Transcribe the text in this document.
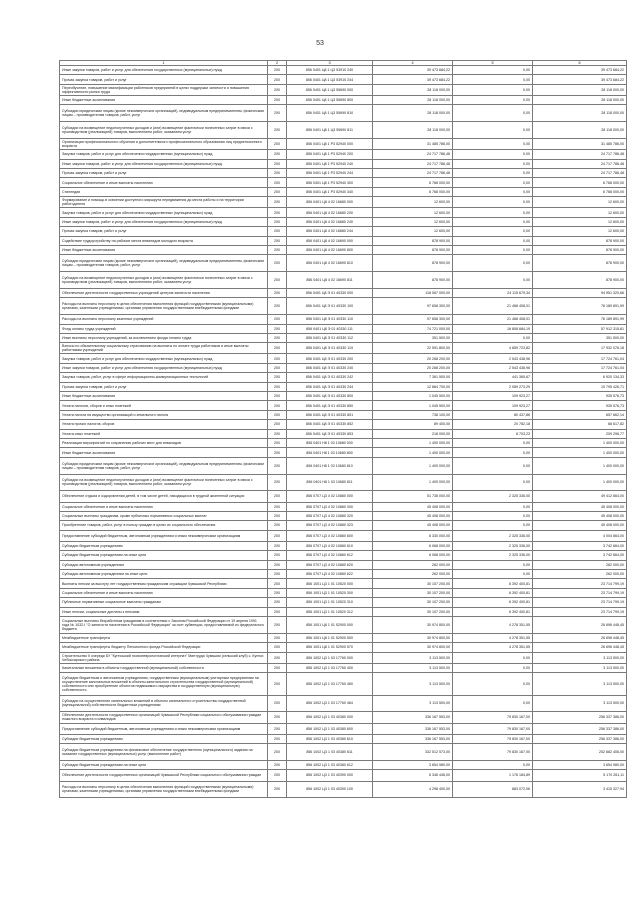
53
1	2	3	4	5	6
Иные закупки товаров, работ и услуг для обеспечения государственных (муниципальных) нужд	200	856 0401 Ц8 1 Ц3 53910 240	39 473 684,22	0,00	39 473 684,22
Прочая закупка товаров, работ и услуг	200	856 0401 Ц8 1 Ц3 53910 244	39 473 684,22	0,00	39 473 684,22
Переобучение, повышение квалификации работников предприятий в целях поддержки занятости и повышения эффективности рынка труда	200	856 0401 Ц8 1 Ц3 55690 000	28 118 000,00	0,00	28 118 000,00
Иные бюджетные ассигнования	200	856 0401 Ц8 1 Ц3 55690 800	28 118 000,00	0,00	28 118 000,00
Субсидии юридическим лицам (кроме некоммерческих организаций), индивидуальным предпринимателям, физическим лицам – производителям товаров, работ, услуг	200	856 0401 Ц8 1 Ц3 55690 810	28 118 000,00	0,00	28 118 000,00
Субсидии на возмещение недополученных доходов и (или) возмещение фактически понесенных затрат в связи с производством (реализацией) товаров, выполнением работ, оказанием услуг	200	856 0401 Ц8 1 Ц3 55690 811	28 118 000,00	0,00	28 118 000,00
Организация профессионального обучения и дополнительного профессионального образования лиц предпенсионного возраста	200	856 0401 Ц8 1 P3 52940 000	31 485 786,00	0,00	31 485 786,00
Закупка товаров, работ и услуг для обеспечения государственных (муниципальных) нужд	200	856 0401 Ц8 1 P3 52940 200	24 717 786,48	0,00	24 717 786,48
Иные закупки товаров, работ и услуг для обеспечения государственных (муниципальных) нужд	200	856 0401 Ц8 1 P3 52940 240	24 717 786,48	0,00	24 717 786,48
Прочая закупка товаров, работ и услуг	200	856 0401 Ц8 1 P3 52940 244	24 717 786,48	0,00	24 717 786,48
Социальное обеспечение и иные выплаты населению	200	856 0401 Ц8 1 P3 52940 300	6 768 000,00	0,00	6 768 000,00
Стипендии	200	856 0401 Ц8 1 P3 52940 340	6 768 000,00	0,00	6 768 000,00
Формирование и помощь в освоении доступного маршрута передвижения до места работы и на территории работодателя	200	856 0401 Ц8 4 02 16680 000	12 600,00	0,00	12 600,00
Закупка товаров, работ и услуг для обеспечения государственных (муниципальных) нужд	200	856 0401 Ц8 4 02 16680 200	12 600,00	0,00	12 600,00
Иные закупки товаров, работ и услуг для обеспечения государственных (муниципальных) нужд	200	856 0401 Ц8 4 02 16680 240	12 600,00	0,00	12 600,00
Прочая закупка товаров, работ и услуг	200	856 0401 Ц8 4 02 16680 244	12 600,00	0,00	12 600,00
Содействие трудоустройству на рабочие места инвалидов молодого возраста	200	856 0401 Ц8 4 02 16690 000	878 900,00	0,00	878 900,00
Иные бюджетные ассигнования	200	856 0401 Ц8 4 02 16690 800	878 900,00	0,00	878 900,00
Субсидии юридическим лицам (кроме некоммерческих организаций), индивидуальным предпринимателям, физическим лицам – производителям товаров, работ, услуг	200	856 0401 Ц8 4 02 16690 810	878 900,00	0,00	878 900,00
Субсидии на возмещение недополученных доходов и (или) возмещение фактически понесенных затрат в связи с производством (реализацией) товаров, выполнением работ, оказанием услуг	200	856 0401 Ц8 4 02 16690 811	878 900,00	0,00	878 900,00
Обеспечение деятельности государственных учреждений центров занятости населения	200	856 0401 Ц8 Э 01 40330 000	118 067 000,00	24 115 679,34	94 951 320,66
Расходы на выплаты персоналу в целях обеспечения выполнения функций государственными (муниципальными) органами, казенными учреждениями, органами управления государственными внебюджетными фондами	200	856 0401 Ц8 Э 01 40330 100	97 658 300,00	21 468 408,01	76 189 891,99
Расходы на выплаты персоналу казенных учреждений	200	856 0401 Ц8 Э 01 40330 110	97 658 300,00	21 468 408,01	76 189 891,99
Фонд оплаты труда учреждений	200	856 0401 Ц8 Э 01 40330 111	74 721 000,00	16 808 684,19	57 912 315,81
Иные выплаты персоналу учреждений, за исключением фонда оплаты труда	200	856 0401 Ц8 Э 01 40330 112	351 500,00	0,00	351 500,00
Взносы по обязательному социальному страхованию на выплаты по оплате труда работников и иные выплаты работникам учреждений	200	856 0401 Ц8 Э 01 40330 119	22 591 800,00	4 659 723,82	17 932 076,18
Закупка товаров, работ и услуг для обеспечения государственных (муниципальных) нужд	200	856 0401 Ц8 Э 01 40330 200	20 268 200,00	2 543 438,96	17 724 761,04
Иные закупки товаров, работ и услуг для обеспечения государственных (муниципальных) нужд	200	856 0401 Ц8 Э 01 40330 240	20 268 200,00	2 543 438,96	17 724 761,04
Закупка товаров, работ, услуг в сфере информационно-коммуникационных технологий	200	856 0401 Ц8 Э 01 40330 242	7 361 500,00	441 365,67	6 920 134,33
Прочая закупка товаров, работ и услуг	200	856 0401 Ц8 Э 01 40330 244	12 884 700,00	2 089 273,29	10 795 426,71
Иные бюджетные ассигнования	200	856 0401 Ц8 Э 01 40330 800	1 045 500,00	109 923,27	935 576,73
Уплата налогов, сборов и иных платежей	200	856 0401 Ц8 Э 01 40330 850	1 045 500,00	109 923,27	935 576,73
Уплата налога на имущество организаций и земельного налога	200	856 0401 Ц8 Э 01 40330 851	738 100,00	80 437,86	657 662,14
Уплата прочих налогов, сборов	200	856 0401 Ц8 Э 01 40330 852	89 400,00	20 782,18	68 617,82
Уплата иных платежей	200	856 0401 Ц8 Э 01 40330 853	218 000,00	8 703,23	209 296,77
Реализация мероприятий по сохранению рабочих мест для инвалидов	200	856 0401 Н8 1 03 10680 000	1 400 000,00	0,00	1 400 000,00
Иные бюджетные ассигнования	200	856 0401 Н8 1 03 10680 800	1 400 000,00	0,00	1 400 000,00
Субсидии юридическим лицам (кроме некоммерческих организаций), индивидуальным предпринимателям, физическим лицам – производителям товаров, работ, услуг	200	856 0401 Н8 1 03 10680 810	1 400 000,00	0,00	1 400 000,00
Субсидии на возмещение недополученных доходов и (или) возмещение фактически понесенных затрат в связи с производством (реализацией) товаров, выполнением работ, оказанием услуг	200	856 0401 Н8 1 03 10680 811	1 400 000,00	0,00	1 400 000,00
Обеспечение отдыха и оздоровления детей, в том числе детей, находящихся в трудной жизненной ситуации	200	856 0707 Ц3 4 02 10880 000	51 738 000,00	2 325 336,00	49 412 664,00
Социальное обеспечение и иные выплаты населению	200	856 0707 Ц3 4 02 10880 300	45 408 000,00	0,00	45 408 000,00
Социальные выплаты гражданам, кроме публичных нормативных социальных выплат	200	856 0707 Ц3 4 02 10880 320	45 408 000,00	0,00	45 408 000,00
Приобретение товаров, работ, услуг в пользу граждан в целях их социального обеспечения	200	856 0707 Ц3 4 02 10880 323	45 408 000,00	0,00	45 408 000,00
Предоставление субсидий бюджетным, автономным учреждениям и иным некоммерческим организациям	200	856 0707 Ц3 4 02 10880 600	6 330 000,00	2 325 336,00	4 004 664,00
Субсидии бюджетным учреждениям	200	856 0707 Ц3 4 02 10880 610	6 068 000,00	2 325 336,00	3 742 664,00
Субсидии бюджетным учреждениям на иные цели	200	856 0707 Ц3 4 02 10880 612	6 068 000,00	2 325 336,00	3 742 664,00
Субсидии автономным учреждениям	200	856 0707 Ц3 4 02 10880 620	262 000,00	0,00	262 000,00
Субсидии автономным учреждениям на иные цели	200	856 0707 Ц3 4 02 10880 622	262 000,00	0,00	262 000,00
Выплаты пенсии за выслугу лет государственным гражданским служащим Чувашской Республики	200	856 1001 Ц3 1 01 10520 000	30 107 200,00	6 392 400,81	23 714 799,19
Социальное обеспечение и иные выплаты населению	200	856 1001 Ц3 1 01 10520 300	30 107 200,00	6 392 400,81	23 714 799,19
Публичные нормативные социальные выплаты гражданам	200	856 1001 Ц3 1 01 10520 310	30 107 200,00	6 392 400,81	23 714 799,19
Иные пенсии, социальные доплаты к пенсиям	200	856 1001 Ц3 1 01 10520 312	30 107 200,00	6 392 400,81	23 714 799,19
Социальные выплаты безработным гражданам в соответствии с Законом Российской Федерации от 19 апреля 1991 года № 1032-I "О занятости населения в Российской Федерации" за счет субвенции, предоставляемой из федерального бюджета	200	856 1001 Ц8 1 01 52900 000	30 974 800,00	4 278 351,55	26 696 448,45
Межбюджетные трансферты	200	856 1001 Ц8 1 01 52900 500	30 974 800,00	4 278 351,55	26 696 448,45
Межбюджетные трансферты бюджету Пенсионного фонда Российской Федерации	200	856 1001 Ц8 1 01 52900 570	30 974 800,00	4 278 351,55	26 696 448,45
Строительство II очереди БУ "Кугесьский психоневрологический интернат" Минтруда Чувашии (сельский клуб) с. Кугеси Чебоксарского района	200	856 1002 Ц3 1 03 17760 000	3 113 500,00	0,00	3 113 500,00
Капитальные вложения в объекты государственной (муниципальной) собственности	200	856 1002 Ц3 1 03 17760 400	3 113 500,00	0,00	3 113 500,00
Субсидии бюджетным и автономным учреждениям, государственным (муниципальным) унитарным предприятиям на осуществление капитальных вложений в объекты капитального строительства государственной (муниципальной) собственности или приобретение объектов недвижимого имущества в государственную (муниципальную) собственность	200	856 1002 Ц3 1 03 17760 460	3 113 500,00	0,00	3 113 500,00
Субсидии на осуществление капитальных вложений в объекты капитального строительства государственной (муниципальной) собственности бюджетным учреждениям	200	856 1002 Ц3 1 03 17760 464	3 113 500,00	0,00	3 113 500,00
Обеспечение деятельности государственных организаций Чувашской Республики социального обслуживания граждан пожилого возраста и инвалидов	200	856 1002 Ц3 1 03 40380 000	336 167 553,00	79 830 167,00	256 337 386,00
Предоставление субсидий бюджетным, автономным учреждениям и иным некоммерческим организациям	200	856 1002 Ц3 1 03 40380 600	336 167 553,00	79 830 167,00	256 337 386,00
Субсидии бюджетным учреждениям	200	856 1002 Ц3 1 03 40380 610	336 167 553,00	79 830 167,00	256 337 386,00
Субсидии бюджетным учреждениям на финансовое обеспечение государственного (муниципального) задания на оказание государственных (муниципальных) услуг (выполнение работ)	200	856 1002 Ц3 1 03 40380 611	332 512 573,00	79 830 167,00	252 682 406,00
Субсидии бюджетным учреждениям на иные цели	200	856 1002 Ц3 1 03 40380 612	3 654 980,00	0,00	3 654 980,00
Обеспечение деятельности государственных организаций Чувашской Республики социального обслуживания граждан	200	856 1002 Ц3 1 03 40390 000	6 346 446,00	1 176 184,89	5 170 261,11
Расходы на выплаты персоналу в целях обеспечения выполнения функций государственными (муниципальными) органами, казенными учреждениями, органами управления государственными внебюджетными фондами	200	856 1002 Ц3 1 03 40390 100	4 298 400,00	883 072,06	3 415 327,94
